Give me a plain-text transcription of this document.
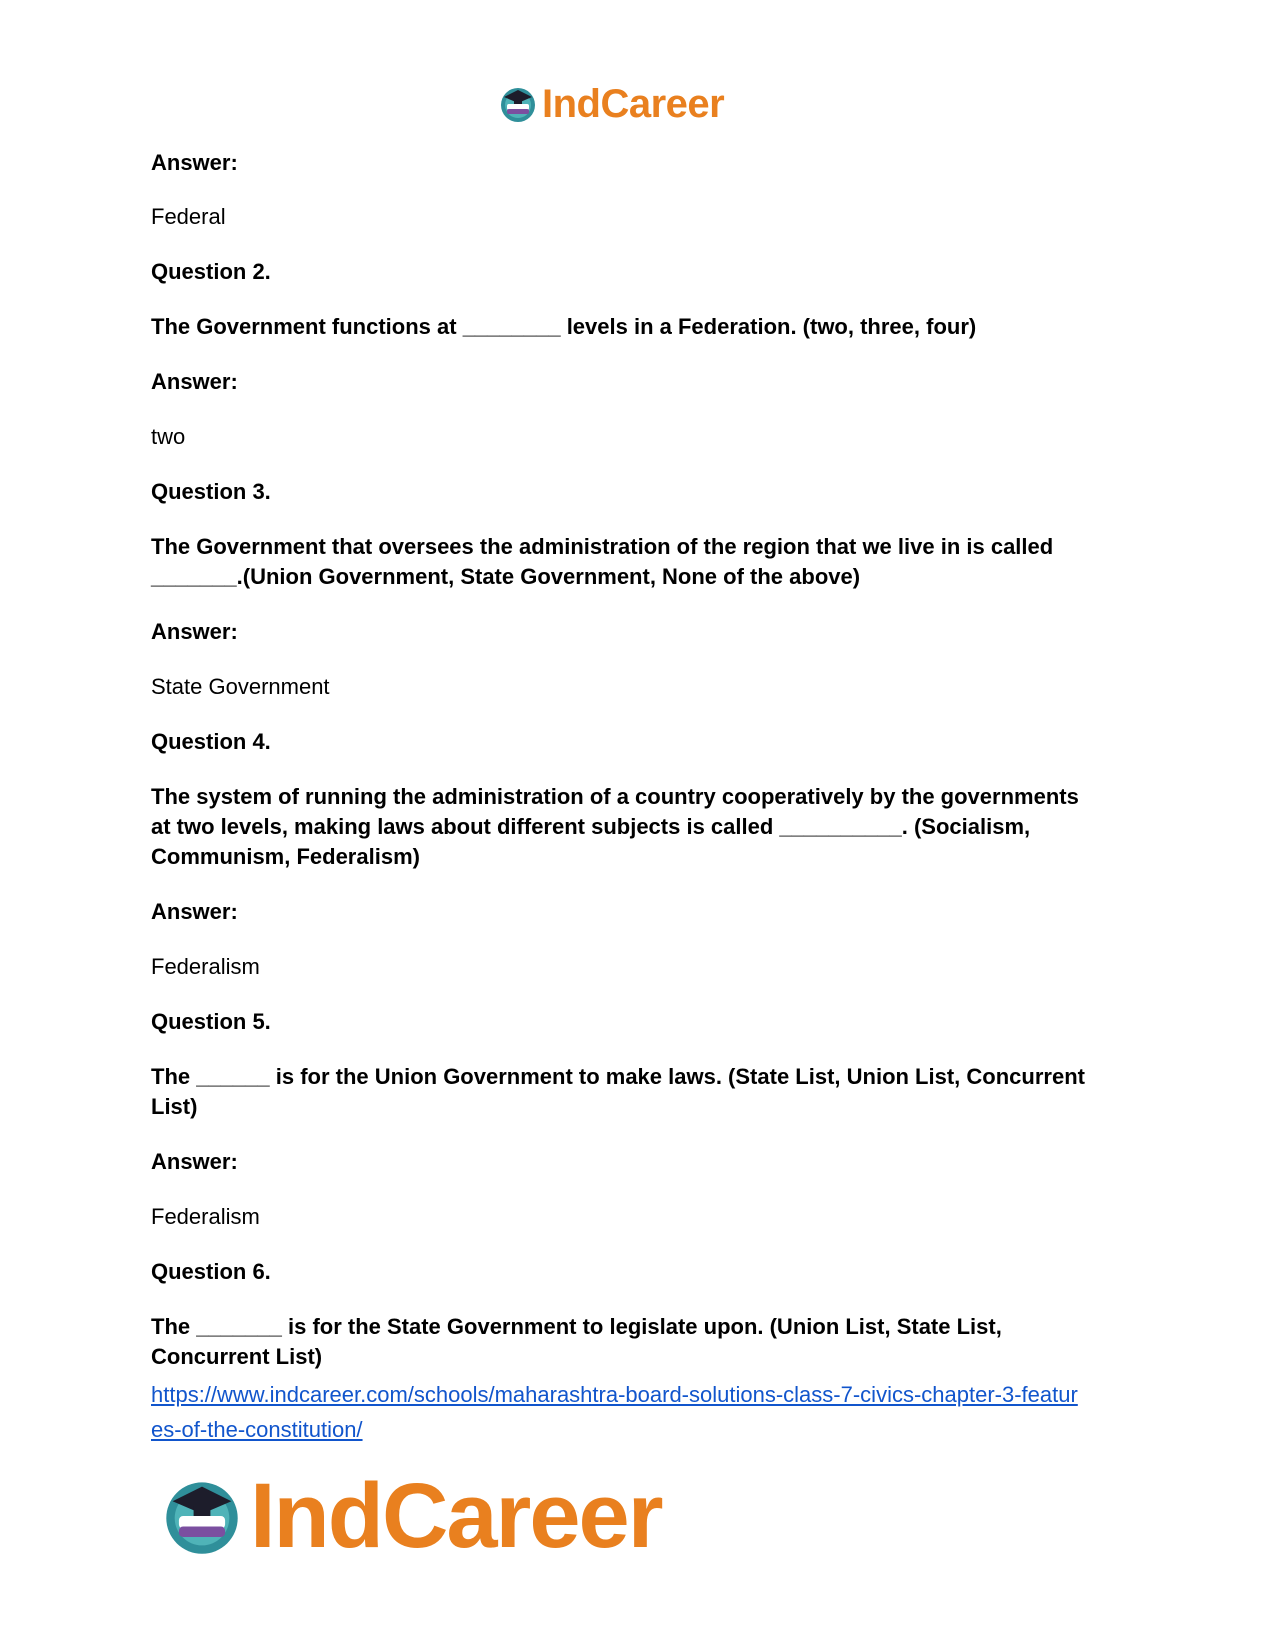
IndCareer
Answer:
Federal
Question 2.
The Government functions at ________ levels in a Federation. (two, three, four)
Answer:
two
Question 3.
The Government that oversees the administration of the region that we live in is called
_______.(Union Government, State Government, None of the above)
Answer:
State Government
Question 4.
The system of running the administration of a country cooperatively by the governments
at two levels, making laws about different subjects is called __________. (Socialism,
Communism, Federalism)
Answer:
Federalism
Question 5.
The ______ is for the Union Government to make laws. (State List, Union List, Concurrent
List)
Answer:
Federalism
Question 6.
The _______ is for the State Government to legislate upon. (Union List, State List,
Concurrent List)
https://www.indcareer.com/schools/maharashtra-board-solutions-class-7-civics-chapter-3-featur
es-of-the-constitution/
IndCareer
